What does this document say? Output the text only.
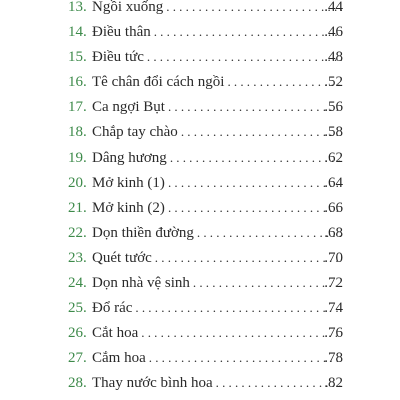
13. Ngồi xuống .....	.44
14. Điều thân .....	.46
15. Điều tức .....	.48
16. Tê chân đổi cách ngồi .....	.52
17. Ca ngợi Bụt .....	.56
18. Chắp tay chào .....	.58
19. Dâng hương .....	.62
20. Mở kinh (1) .....	.64
21. Mở kinh (2) .....	.66
22. Dọn thiền đường .....	.68
23. Quét tước .....	.70
24. Dọn nhà vệ sinh .....	.72
25. Đổ rác .....	.74
26. Cắt hoa .....	.76
27. Cắm hoa .....	.78
28. Thay nước bình hoa .....	.82
